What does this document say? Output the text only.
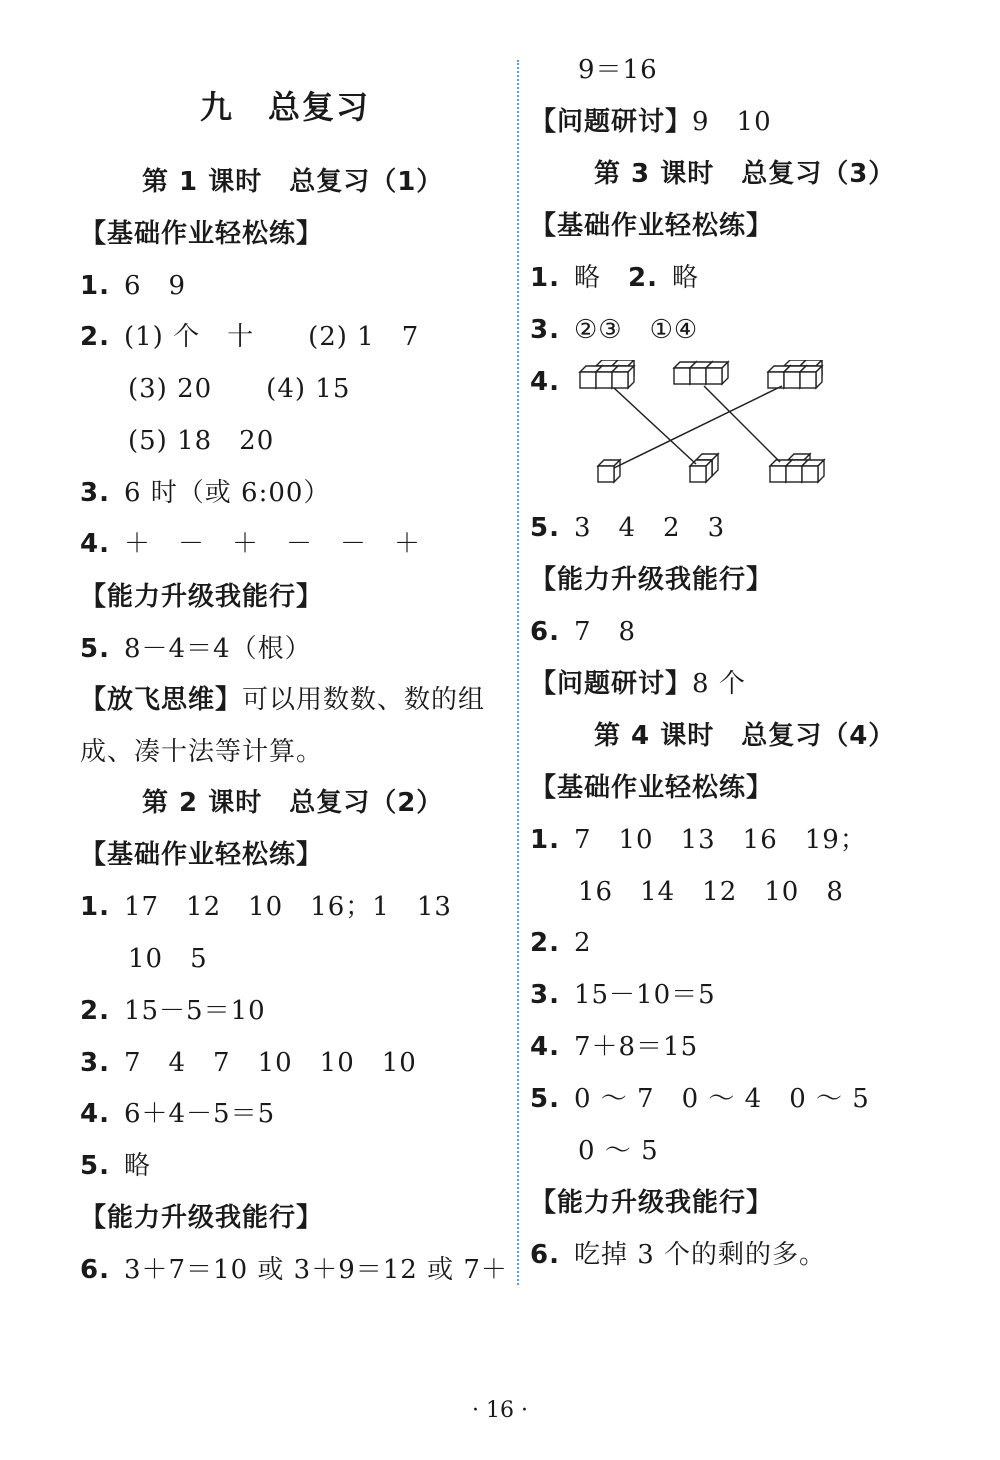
九　总复习
第 1 课时　总复习（1）
【基础作业轻松练】
1. 6　9
2. (1) 个　十　　(2) 1　7
(3) 20　　(4) 15
(5) 18　20
3. 6 时（或 6:00）
4. ＋　－　＋　－　－　＋
【能力升级我能行】
5. 8－4＝4（根）
【放飞思维】可以用数数、数的组成、凑十法等计算。
第 2 课时　总复习（2）
【基础作业轻松练】
1. 17　12　10　16；1　13
10　5
2. 15－5＝10
3. 7　4　7　10　10　10
4. 6＋4－5＝5
5. 略
【能力升级我能行】
6. 3＋7＝10 或 3＋9＝12 或 7＋
9＝16
【问题研讨】9　10
第 3 课时　总复习（3）
【基础作业轻松练】
1. 略　2. 略
3. ②③　①④
4.
5. 3　4　2　3
【能力升级我能行】
6. 7　8
【问题研讨】8 个
第 4 课时　总复习（4）
【基础作业轻松练】
1. 7　10　13　16　19；
16　14　12　10　8
2. 2
3. 15－10＝5
4. 7＋8＝15
5. 0 ～ 7　0 ～ 4　0 ～ 5
0 ～ 5
【能力升级我能行】
6. 吃掉 3 个的剩的多。
· 16 ·
